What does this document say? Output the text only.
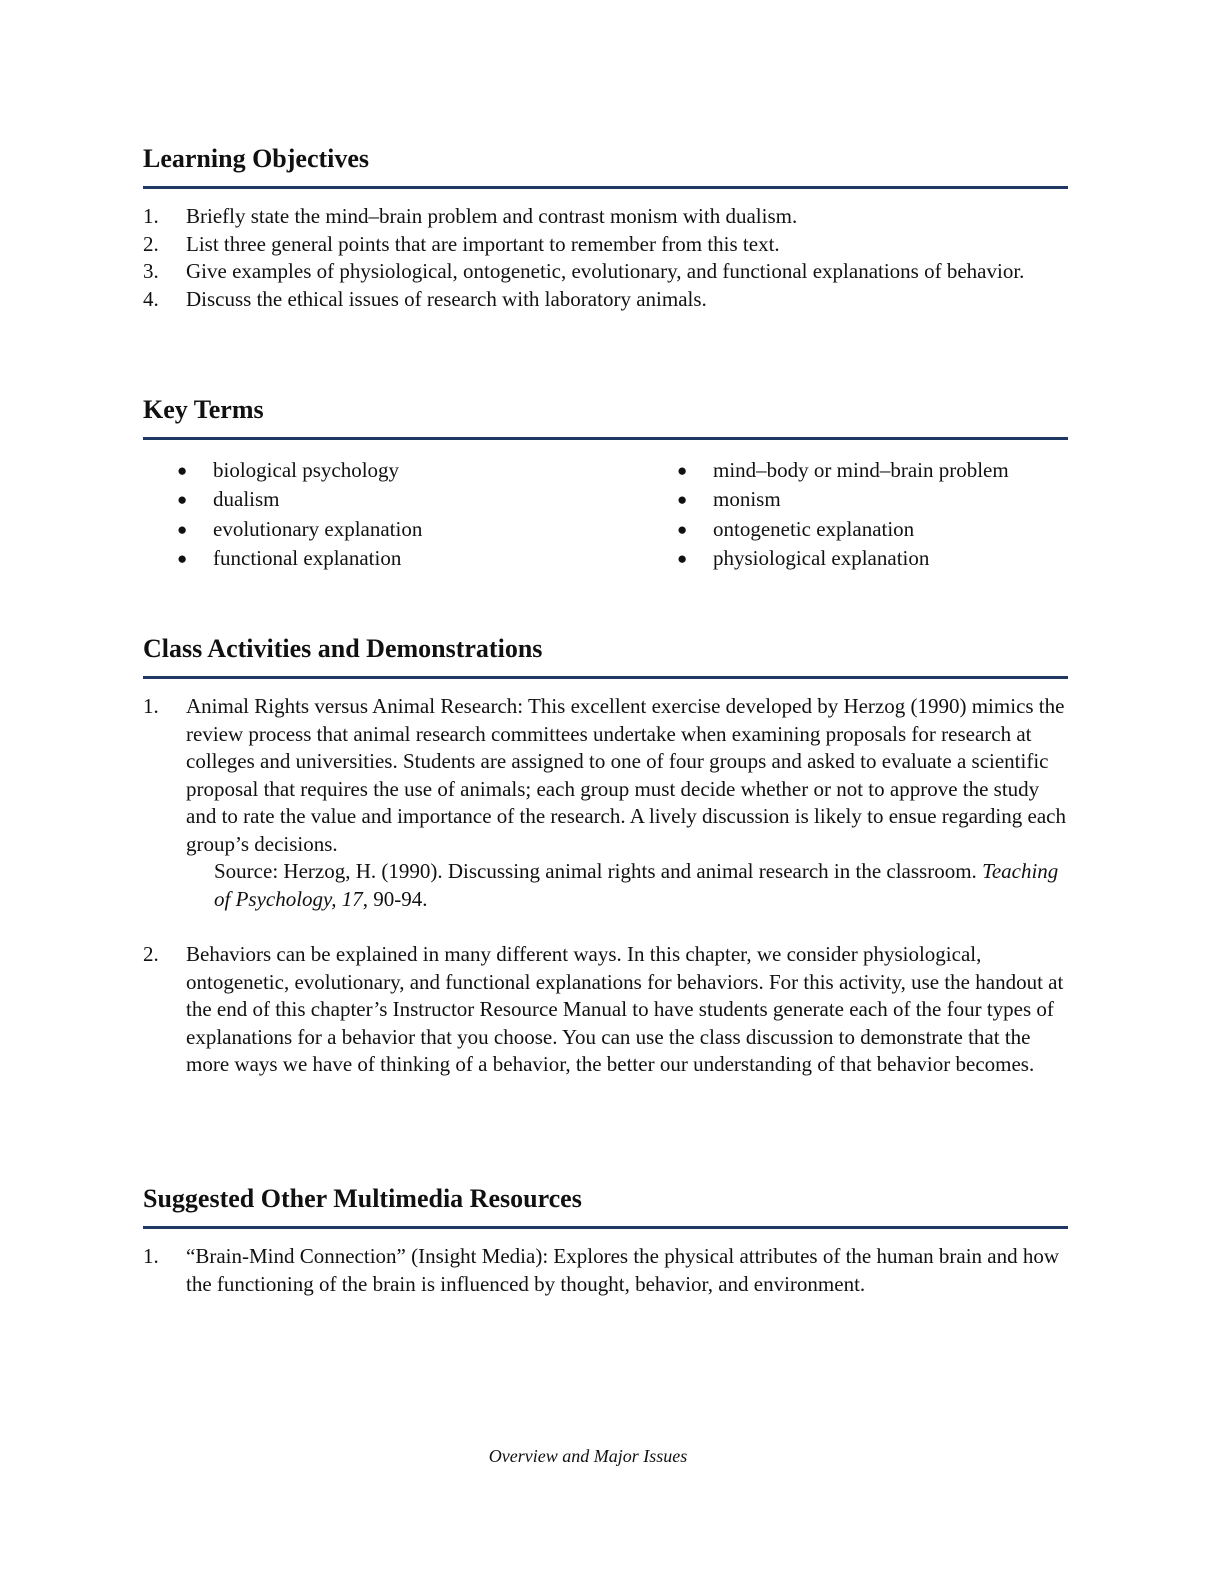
Learning Objectives
1. Briefly state the mind–brain problem and contrast monism with dualism.
2. List three general points that are important to remember from this text.
3. Give examples of physiological, ontogenetic, evolutionary, and functional explanations of behavior.
4. Discuss the ethical issues of research with laboratory animals.
Key Terms
● biological psychology
● dualism
● evolutionary explanation
● functional explanation
● mind–body or mind–brain problem
● monism
● ontogenetic explanation
● physiological explanation
Class Activities and Demonstrations
1. Animal Rights versus Animal Research: This excellent exercise developed by Herzog (1990) mimics the review process that animal research committees undertake when examining proposals for research at colleges and universities. Students are assigned to one of four groups and asked to evaluate a scientific proposal that requires the use of animals; each group must decide whether or not to approve the study and to rate the value and importance of the research. A lively discussion is likely to ensue regarding each group’s decisions.
Source: Herzog, H. (1990). Discussing animal rights and animal research in the classroom. Teaching of Psychology, 17, 90-94.
2. Behaviors can be explained in many different ways. In this chapter, we consider physiological, ontogenetic, evolutionary, and functional explanations for behaviors. For this activity, use the handout at the end of this chapter’s Instructor Resource Manual to have students generate each of the four types of explanations for a behavior that you choose. You can use the class discussion to demonstrate that the more ways we have of thinking of a behavior, the better our understanding of that behavior becomes.
Suggested Other Multimedia Resources
1. “Brain-Mind Connection” (Insight Media): Explores the physical attributes of the human brain and how the functioning of the brain is influenced by thought, behavior, and environment.
Overview and Major Issues
